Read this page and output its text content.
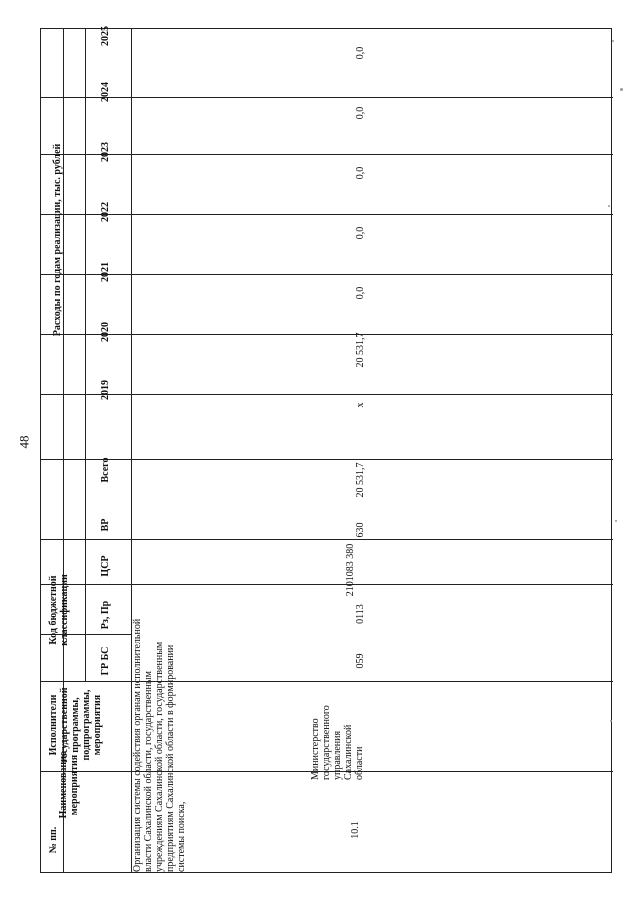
48
№ пп.
Наименование мероприятия
Исполнители государственной программы, подпрограммы, мероприятия
Код бюджетной классификации
ГР БС
Рз, Пр
ЦСР
ВР
Расходы по годам реализации, тыс. рублей
Всего
2019
2020
2021
2022
2023
2024
2025
10.1
Организация системы содействия органам исполнительной власти Сахалинской области, государственным учреждениям Сахалинской области, государственным предприятиям Сахалинской области в формировании системы поиска,
Министерство государственного управления Сахалинской области
059
0113
2101083 380
630
20 531,7
x
20 531,7
0,0
0,0
0,0
0,0
0,0
